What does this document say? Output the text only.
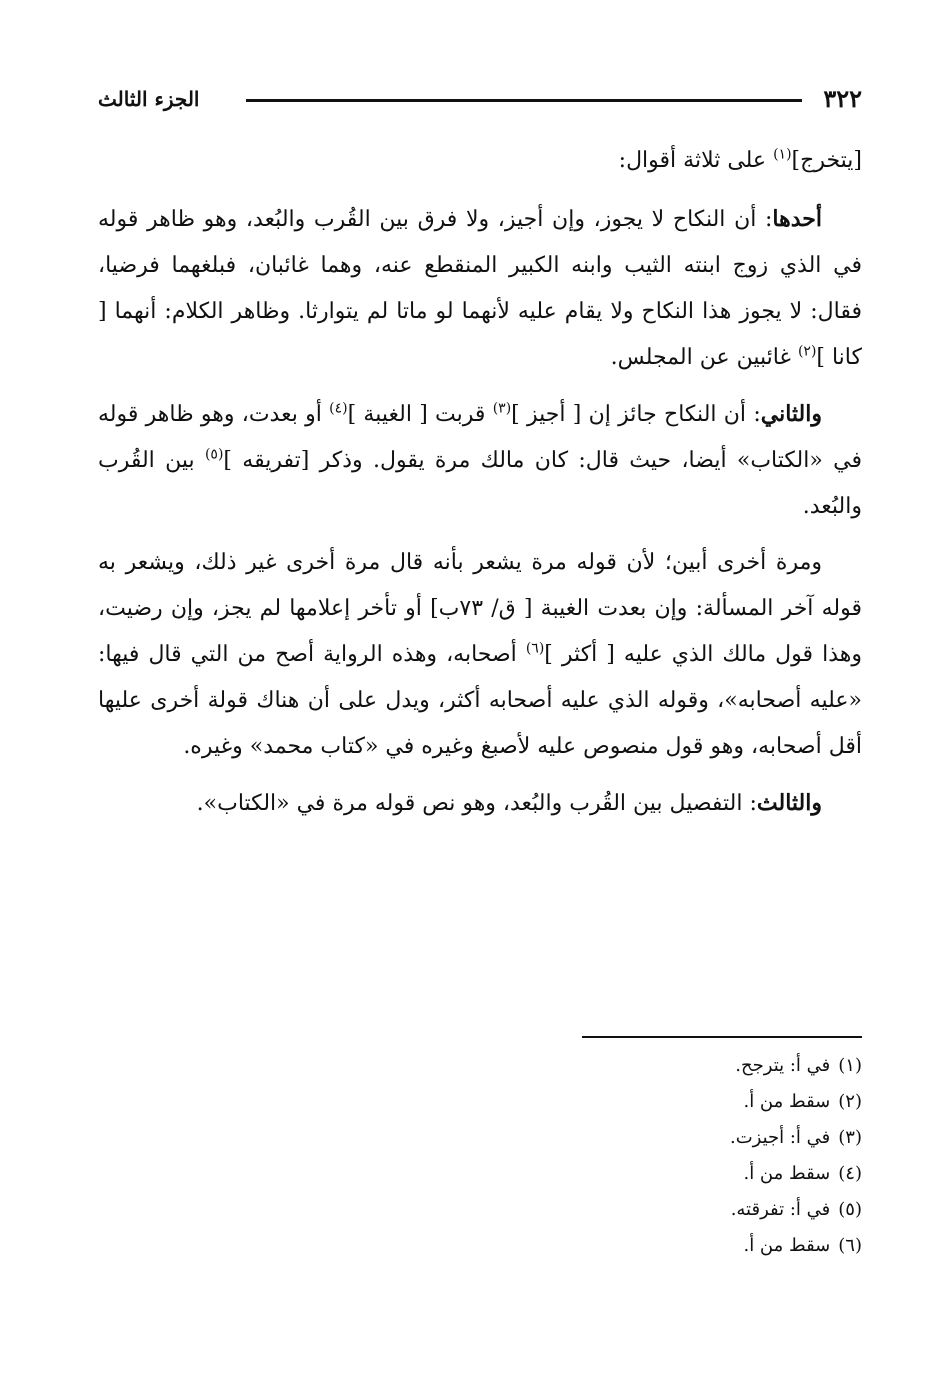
٣٢٢
الجزء الثالث

[يتخرج]$^{(١)}$ على ثلاثة أقوال:

أحدها: أن النكاح لا يجوز، وإن أجيز، ولا فرق بين القُرب والبُعد، وهو ظاهر قوله في الذي زوج ابنته الثيب وابنه الكبير المنقطع عنه، وهما غائبان، فبلغهما فرضيا، فقال: لا يجوز هذا النكاح ولا يقام عليه لأنهما لو ماتا لم يتوارثا. وظاهر الكلام: أنهما [ كانا ]$^{(٢)}$ غائبين عن المجلس.

والثاني: أن النكاح جائز إن [ أجيز ]$^{(٣)}$ قربت [ الغيبة ]$^{(٤)}$ أو بعدت، وهو ظاهر قوله في «الكتاب» أيضا، حيث قال: كان مالك مرة يقول. وذكر [تفريقه ]$^{(٥)}$ بين القُرب والبُعد.

ومرة أخرى أبين؛ لأن قوله مرة يشعر بأنه قال مرة أخرى غير ذلك، ويشعر به قوله آخر المسألة: وإن بعدت الغيبة [ ق/ ٧٣ب] أو تأخر إعلامها لم يجز، وإن رضيت، وهذا قول مالك الذي عليه [ أكثر ]$^{(٦)}$ أصحابه، وهذه الرواية أصح من التي قال فيها: «عليه أصحابه»، وقوله الذي عليه أصحابه أكثر، ويدل على أن هناك قولة أخرى عليها أقل أصحابه، وهو قول منصوص عليه لأصبغ وغيره في «كتاب محمد» وغيره.

والثالث: التفصيل بين القُرب والبُعد، وهو نص قوله مرة في «الكتاب».

(١)في أ: يترجح.
(٢)سقط من أ.
(٣)في أ: أجيزت.
(٤)سقط من أ.
(٥)في أ: تفرقته.
(٦)سقط من أ.
